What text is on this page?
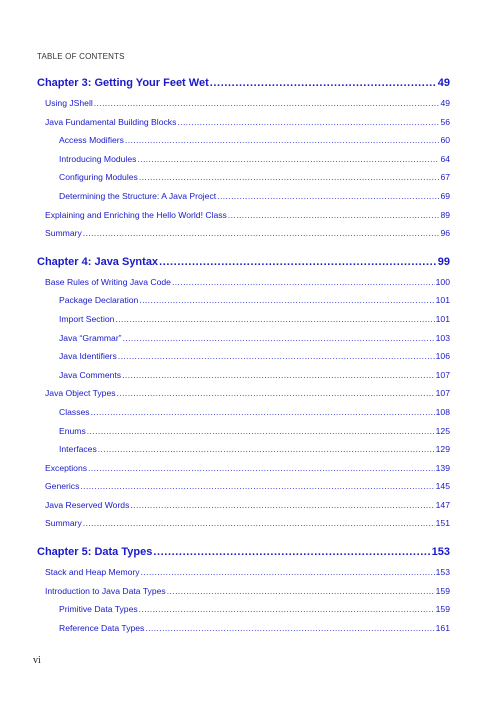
TABLE OF CONTENTS
Chapter 3: Getting Your Feet Wet .....	49
Using JShell .....	49
Java Fundamental Building Blocks .....	56
Access Modifiers .....	60
Introducing Modules .....	64
Configuring Modules .....	67
Determining the Structure: A Java Project .....	69
Explaining and Enriching the Hello World! Class .....	89
Summary .....	96
Chapter 4: Java Syntax .....	99
Base Rules of Writing Java Code .....	100
Package Declaration .....	101
Import Section .....	101
Java “Grammar” .....	103
Java Identifiers .....	106
Java Comments .....	107
Java Object Types .....	107
Classes .....	108
Enums .....	125
Interfaces .....	129
Exceptions .....	139
Generics .....	145
Java Reserved Words .....	147
Summary .....	151
Chapter 5: Data Types .....	153
Stack and Heap Memory .....	153
Introduction to Java Data Types .....	159
Primitive Data Types .....	159
Reference Data Types .....	161
vi
